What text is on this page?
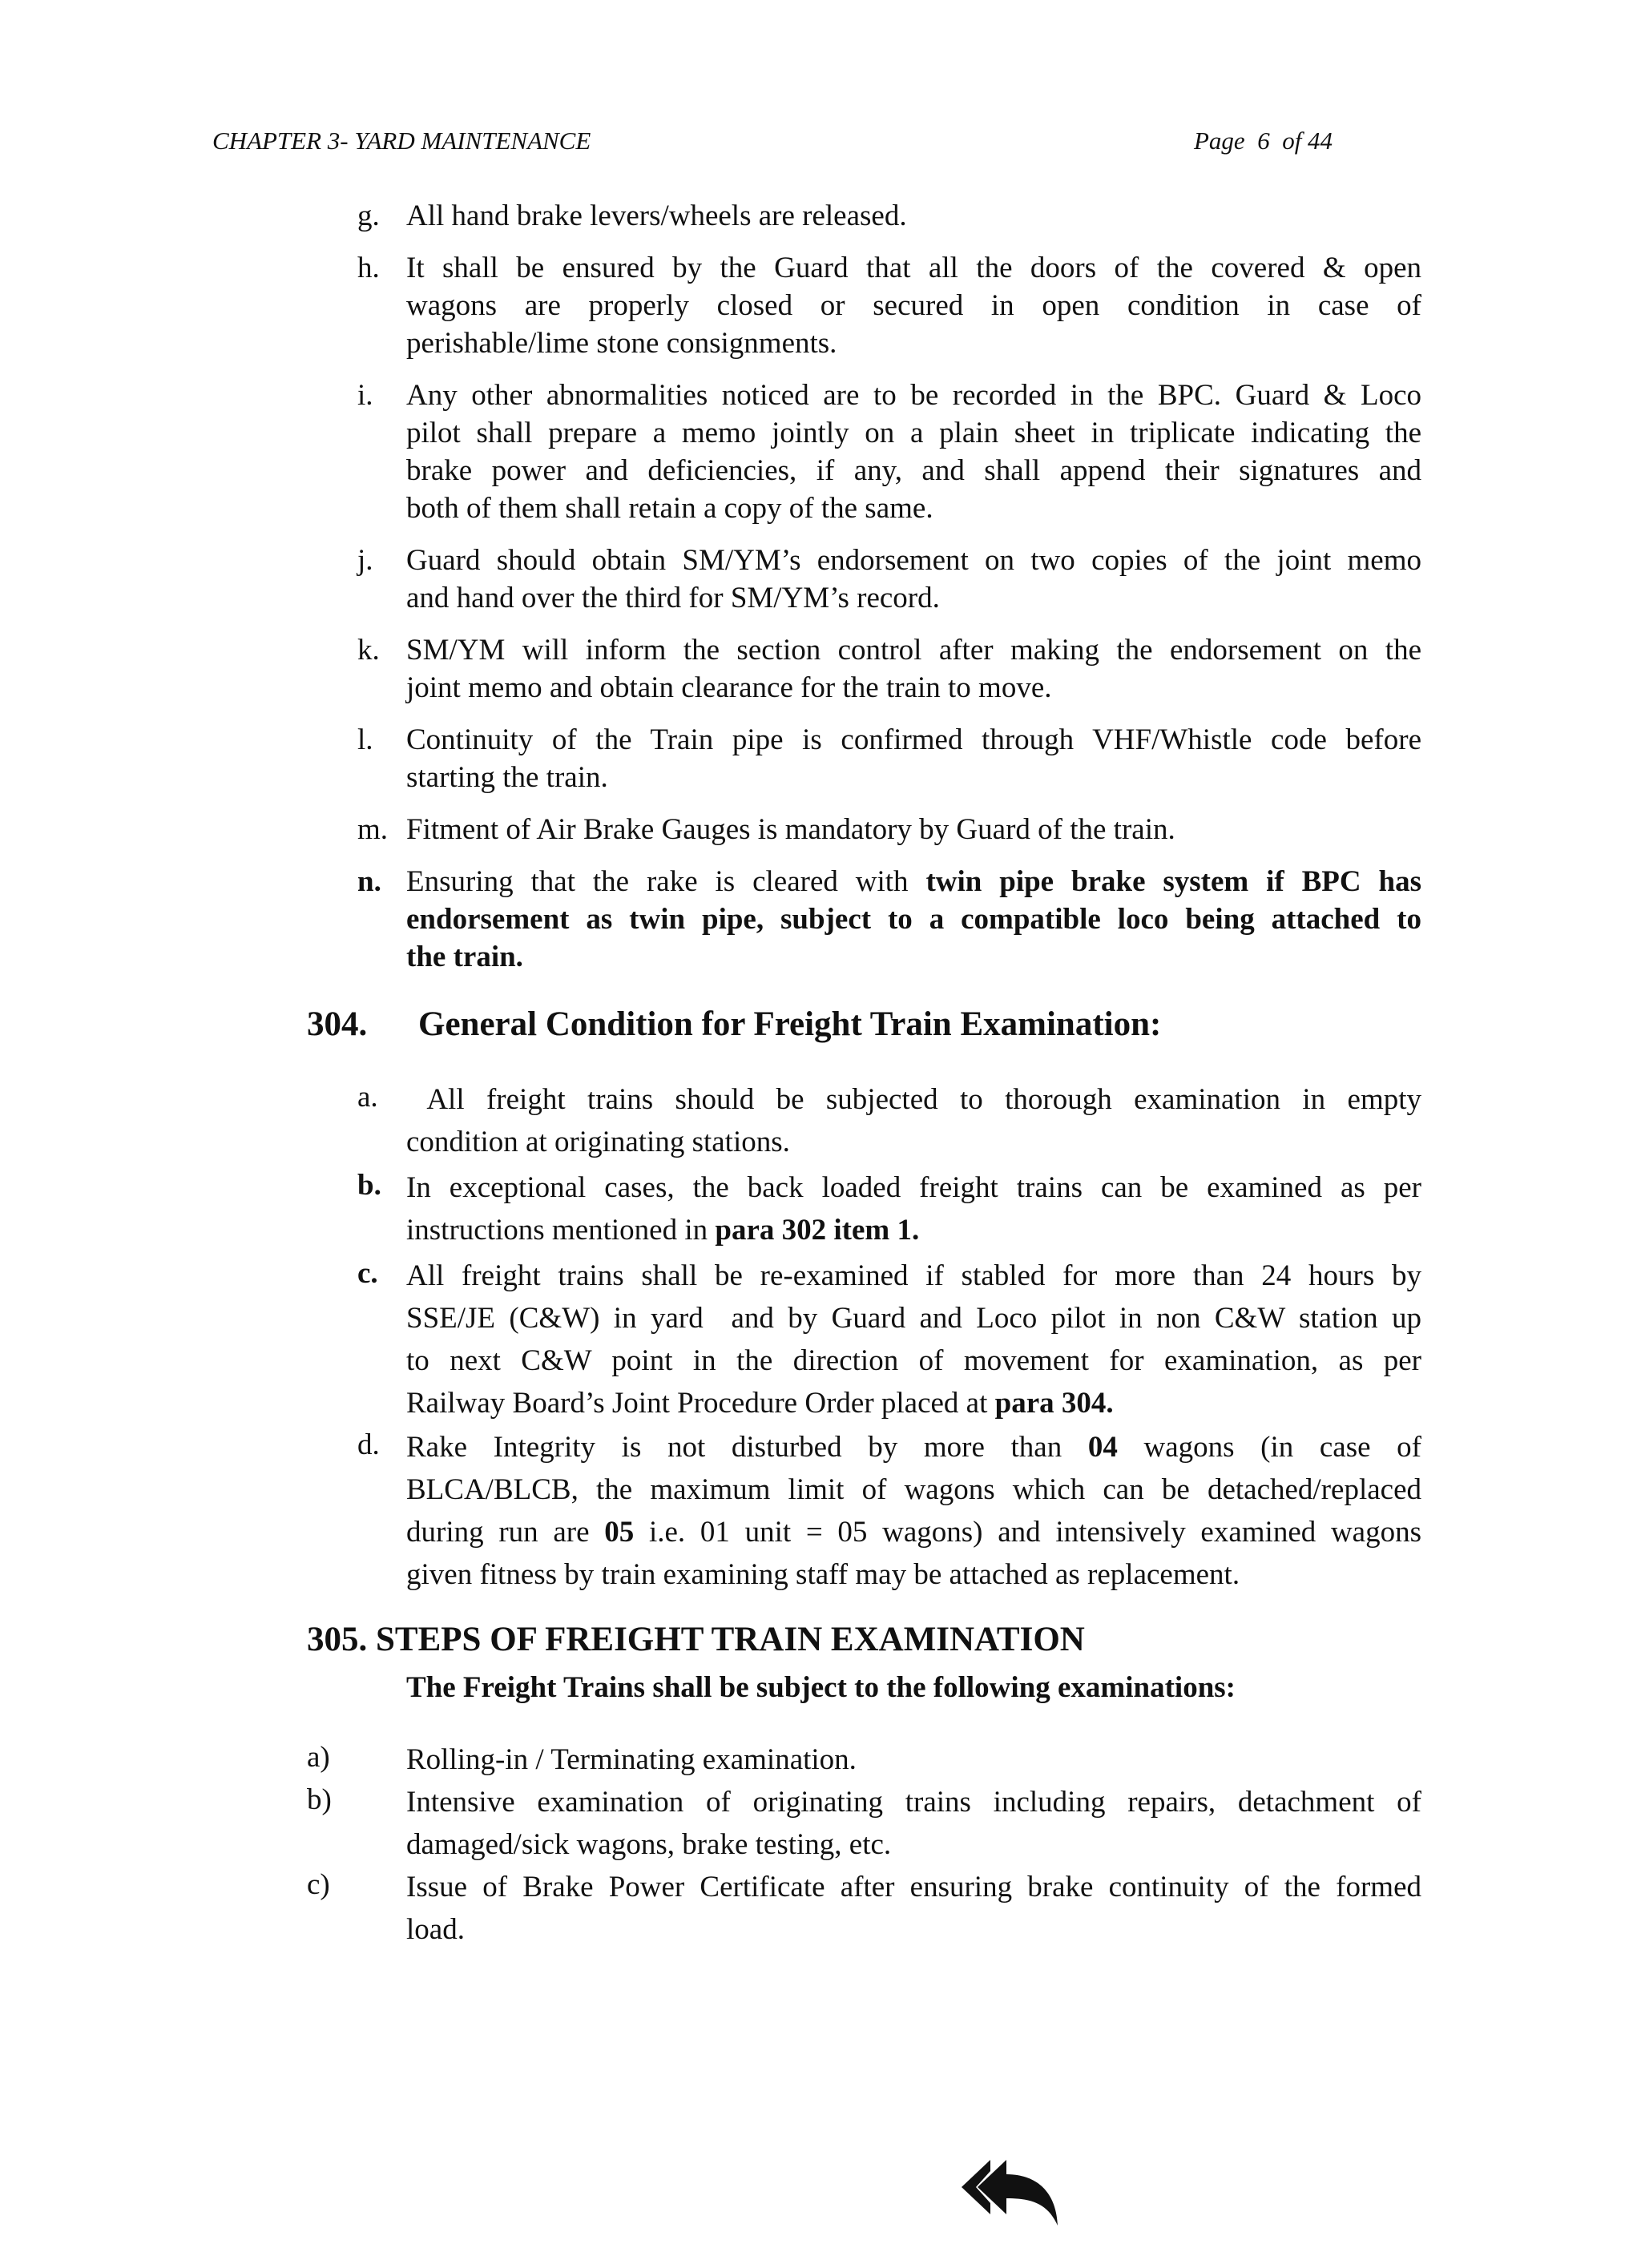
CHAPTER 3- YARD MAINTENANCE	Page  6  of 44
g. All hand brake levers/wheels are released.
h. It shall be ensured by the Guard that all the doors of the covered & open
wagons are properly closed or secured in open condition in case of
perishable/lime stone consignments.
i.	Any other abnormalities noticed are to be recorded in the BPC. Guard & Loco
pilot shall prepare a memo jointly on a plain sheet in triplicate indicating the
brake power and deficiencies, if any, and shall append their signatures and
both of them shall retain a copy of the same.
j.	Guard should obtain SM/YM’s endorsement on two copies of the joint memo
and hand over the third for SM/YM’s record.
k. SM/YM will inform the section control after making the endorsement on the
joint memo and obtain clearance for the train to move.
l.	Continuity of the Train pipe is confirmed through VHF/Whistle code before
starting the train.
m. Fitment of Air Brake Gauges is mandatory by Guard of the train.
n. Ensuring that the rake is cleared with twin pipe brake system if BPC has
endorsement as twin pipe, subject to a compatible loco being attached to
the train.
304. General Condition for Freight Train Examination:
a. All freight trains should be subjected to thorough examination in empty
condition at originating stations.
b. In exceptional cases, the back loaded freight trains can be examined as per
instructions mentioned in para 302 item 1.
c. All freight trains shall be re-examined if stabled for more than 24 hours by
SSE/JE (C&W) in yard  and by Guard and Loco pilot in non C&W station up
to next C&W point in the direction of movement for examination, as per
Railway Board’s Joint Procedure Order placed at para 304.
d. Rake Integrity is not disturbed by more than 04 wagons (in case of
BLCA/BLCB, the maximum limit of wagons which can be detached/replaced
during run are 05 i.e. 01 unit = 05 wagons) and intensively examined wagons
given fitness by train examining staff may be attached as replacement.
305. STEPS OF FREIGHT TRAIN EXAMINATION
The Freight Trains shall be subject to the following examinations:
a)	Rolling-in / Terminating examination.
b)	Intensive examination of originating trains including repairs, detachment of
damaged/sick wagons, brake testing, etc.
c)	Issue of Brake Power Certificate after ensuring brake continuity of the formed
load.
